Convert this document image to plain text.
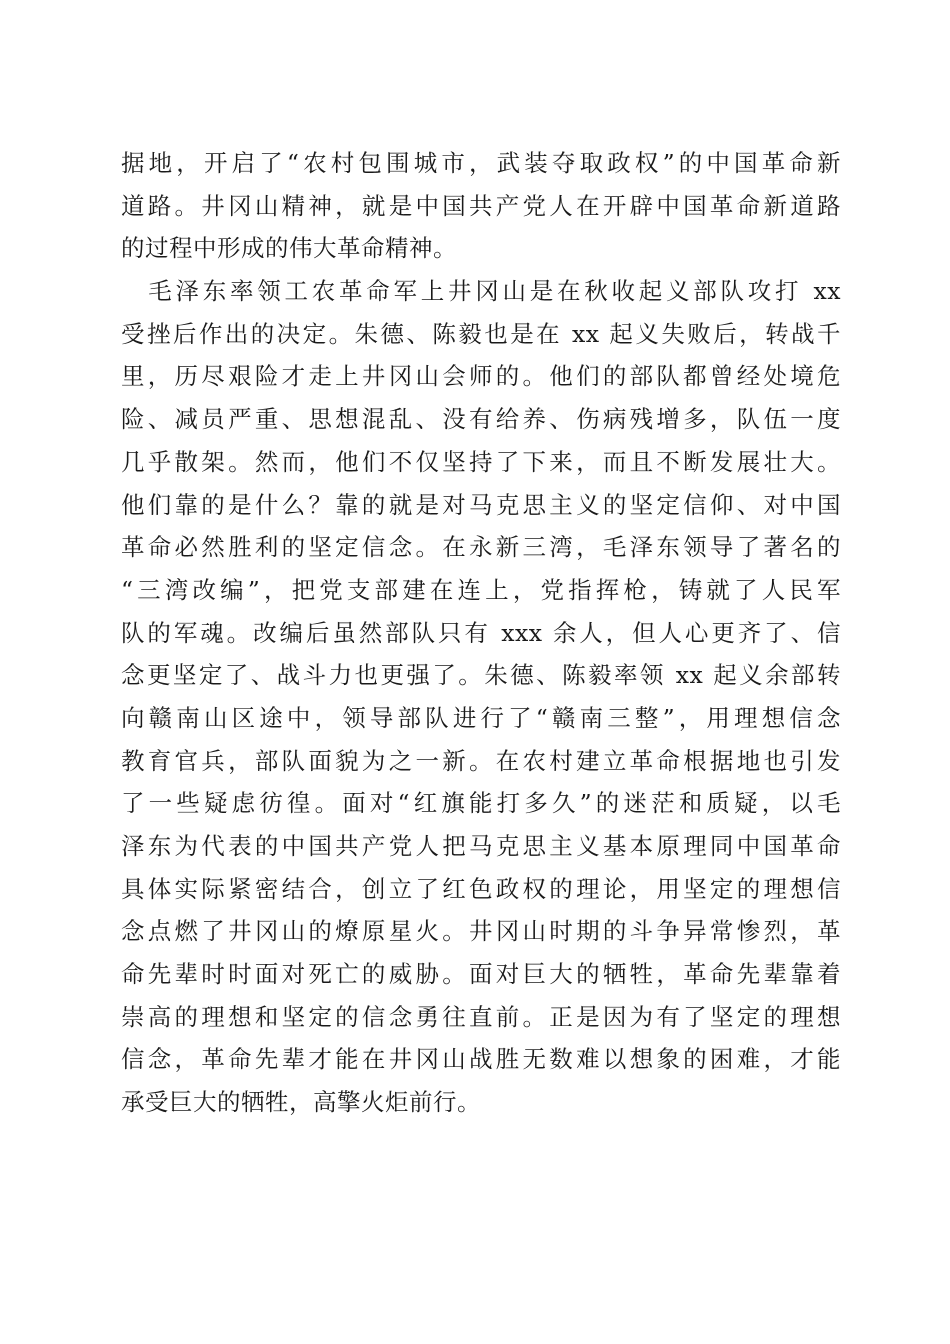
据地，开启了“农村包围城市，武装夺取政权”的中国革命新
道路。井冈山精神，就是中国共产党人在开辟中国革命新道路
的过程中形成的伟大革命精神。
　毛泽东率领工农革命军上井冈山是在秋收起义部队攻打 xx
受挫后作出的决定。朱德、陈毅也是在 xx 起义失败后，转战千
里，历尽艰险才走上井冈山会师的。他们的部队都曾经处境危
险、减员严重、思想混乱、没有给养、伤病残增多，队伍一度
几乎散架。然而，他们不仅坚持了下来，而且不断发展壮大。
他们靠的是什么？靠的就是对马克思主义的坚定信仰、对中国
革命必然胜利的坚定信念。在永新三湾，毛泽东领导了著名的
“三湾改编”，把党支部建在连上，党指挥枪，铸就了人民军
队的军魂。改编后虽然部队只有 xxx 余人，但人心更齐了、信
念更坚定了、战斗力也更强了。朱德、陈毅率领 xx 起义余部转
向赣南山区途中，领导部队进行了“赣南三整”，用理想信念
教育官兵，部队面貌为之一新。在农村建立革命根据地也引发
了一些疑虑彷徨。面对“红旗能打多久”的迷茫和质疑，以毛
泽东为代表的中国共产党人把马克思主义基本原理同中国革命
具体实际紧密结合，创立了红色政权的理论，用坚定的理想信
念点燃了井冈山的燎原星火。井冈山时期的斗争异常惨烈，革
命先辈时时面对死亡的威胁。面对巨大的牺牲，革命先辈靠着
崇高的理想和坚定的信念勇往直前。正是因为有了坚定的理想
信念，革命先辈才能在井冈山战胜无数难以想象的困难，才能
承受巨大的牺牲，高擎火炬前行。
